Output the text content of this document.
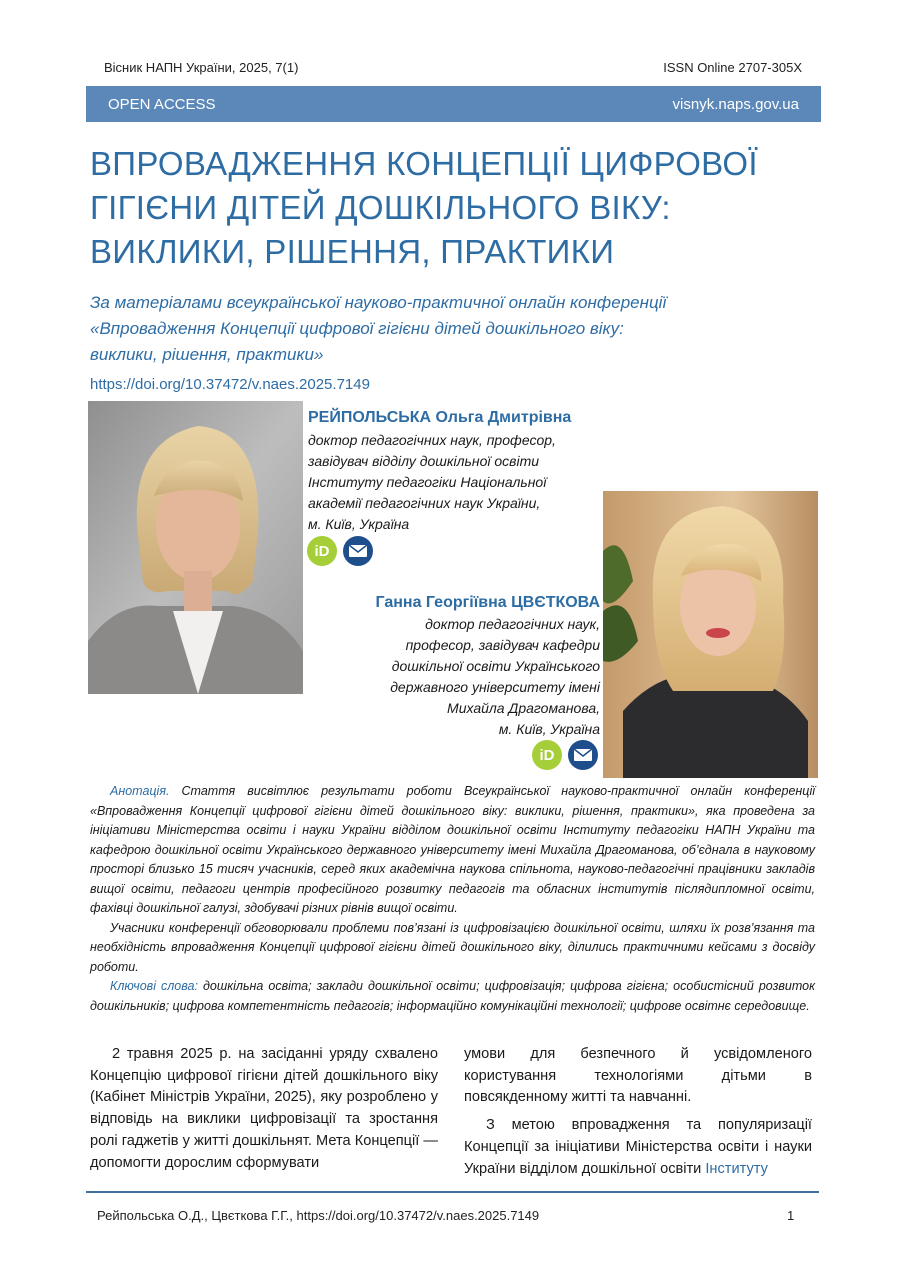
Вісник НАПН України, 2025, 7(1)	ISSN Online 2707-305X
OPEN ACCESS	visnyk.naps.gov.ua
ВПРОВАДЖЕННЯ КОНЦЕПЦІЇ ЦИФРОВОЇ
ГІГІЄНИ ДІТЕЙ ДОШКІЛЬНОГО ВІКУ:
ВИКЛИКИ, РІШЕННЯ, ПРАКТИКИ
За матеріалами всеукраїнської науково-практичної онлайн конференції
«Впровадження Концепції цифрової гігієни дітей дошкільного віку:
виклики, рішення, практики»
https://doi.org/10.37472/v.naes.2025.7149
РЕЙПОЛЬСЬКА Ольга Дмитрівна
доктор педагогічних наук, професор,
завідувач відділу дошкільної освіти
Інституту педагогіки Національної
академії педагогічних наук України,
м. Київ, Україна
iD
Ганна Георгіївна ЦВЄТКОВА
доктор педагогічних наук,
професор, завідувач кафедри
дошкільної освіти Українського
державного університету імені
Михайла Драгоманова,
м. Київ, Україна
iD

Анотація. Стаття висвітлює результати роботи Всеукраїнської науково-практичної онлайн конференції «Впровадження Концепції цифрової гігієни дітей дошкільного віку: виклики, рішення, практики», яка проведена за ініціативи Міністерства освіти і науки України відділом дошкільної освіти Інституту педагогіки НАПН України та кафедрою дошкільної освіти Українського державного університету імені Михайла Драгоманова, об’єднала в науковому просторі близько 15 тисяч учасників, серед яких академічна наукова спільнота, науково-педагогічні працівники закладів вищої освіти, педагоги центрів професійного розвитку педагогів та обласних інститутів післядипломної освіти, фахівці дошкільної галузі, здобувачі різних рівнів вищої освіти.

Учасники конференції обговорювали проблеми пов’язані із цифровізацією дошкільної освіти, шляхи їх розв’язання та необхідність впровадження Концепції цифрової гігієни дітей дошкільного віку, ділились практичними кейсами з досвіду роботи.

Ключові слова: дошкільна освіта; заклади дошкільної освіти; цифровізація; цифрова гігієна; особистісний розвиток дошкільників; цифрова компетентність педагогів; інформаційно комунікаційні технології; цифрове освітнє середовище.

2 травня 2025 р. на засіданні уряду схвалено Концепцію цифрової гігієни дітей дошкільного віку (Кабінет Міністрів України, 2025), яку розроблено у відповідь на виклики цифровізації та зростання ролі гаджетів у житті дошкільнят. Мета Концепції — допомогти дорослим сформувати

умови для безпечного й усвідомленого користування технологіями дітьми в повсякденному житті та навчанні.

З метою впровадження та популяризації Концепції за ініціативи Міністерства освіти і науки України відділом дошкільної освіти Інституту

Рейпольська О.Д., Цвєткова Г.Г., https://doi.org/10.37472/v.naes.2025.7149	1
